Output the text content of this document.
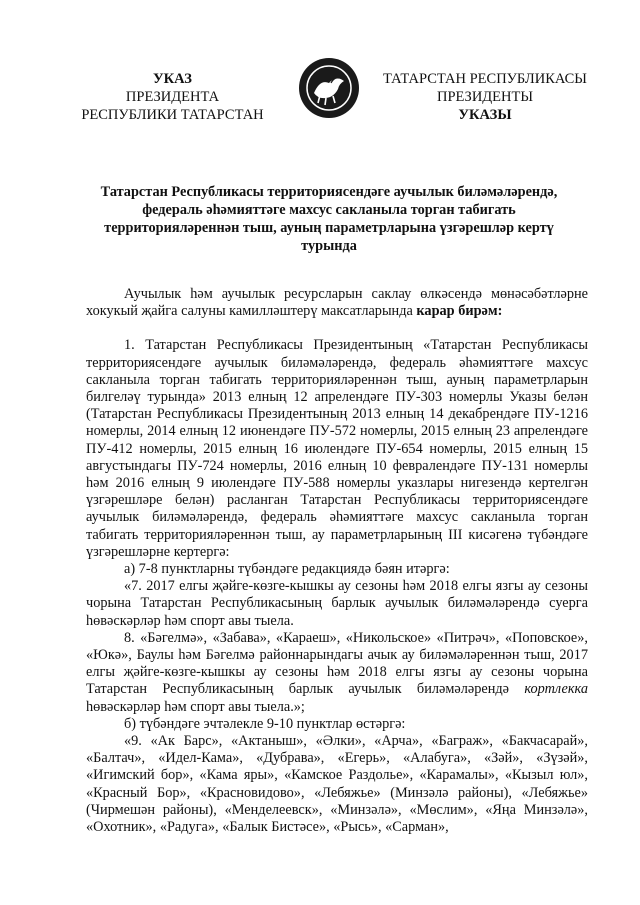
УКАЗ
ПРЕЗИДЕНТА
РЕСПУБЛИКИ ТАТАРСТАН
ТАТАРСТАН РЕСПУБЛИКАСЫ
ПРЕЗИДЕНТЫ
УКАЗЫ
Татарстан Республикасы территориясендәге аучылык биләмәләрендә,
федераль әһәмияттәге махсус сакланыла торган табигать
территорияләреннән тыш, ауның параметрларына үзгәрешләр кертү
турында

Аучылык һәм аучылык ресурсларын саклау өлкәсендә мөнәсәбәтләрне хокукый җайга салуны камилләштерү максатларында карар бирәм:

1. Татарстан Республикасы Президентының «Татарстан Республикасы территориясендәге аучылык биләмәләрендә, федераль әһәмияттәге махсус сакланыла торган табигать территорияләреннән тыш, ауның параметрларын билгеләү турында» 2013 елның 12 апрелендәге ПУ-303 номерлы Указы белән (Татарстан Республикасы Президентының 2013 елның 14 декабрендәге ПУ-1216 номерлы, 2014 елның 12 июнендәге ПУ-572 номерлы, 2015 елның 23 апрелендәге ПУ-412 номерлы, 2015 елның 16 июлендәге ПУ-654 номерлы, 2015 елның 15 августындагы ПУ-724 номерлы, 2016 елның 10 февралендәге ПУ-131 номерлы һәм 2016 елның 9 июлендәге ПУ-588 номерлы указлары нигезендә кертелгән үзгәрешләре белән) расланган Татарстан Республикасы территориясендәге аучылык биләмәләрендә, федераль әһәмияттәге махсус сакланыла торган табигать территорияләреннән тыш, ау параметрларының III кисәгенә түбәндәге үзгәрешләрне кертергә:

а) 7-8 пунктларны түбәндәге редакциядә бәян итәргә:

«7. 2017 елгы җәйге-көзге-кышкы ау сезоны һәм 2018 елгы язгы ау сезоны чорына Татарстан Республикасының барлык аучылык биләмәләрендә суерга һөвәскәрләр һәм спорт авы тыела.

8. «Бәгелмә», «Забава», «Караеш», «Никольское» «Питрәч», «Поповское», «Юкә», Баулы һәм Бәгелмә районнарындагы ачык ау биләмәләреннән тыш, 2017 елгы җәйге-көзге-кышкы ау сезоны һәм 2018 елгы язгы ау сезоны чорына Татарстан Республикасының барлык аучылык биләмәләрендә кортлекка һөвәскәрләр һәм спорт авы тыела.»;

б) түбәндәге эчтәлекле 9-10 пунктлар өстәргә:

«9. «Ак Барс», «Актаныш», «Әлки», «Арча», «Баграж», «Бакчасарай», «Балтач», «Идел-Кама», «Дубрава», «Егерь», «Алабуга», «Зәй», «Зүзәй», «Игимский бор», «Кама яры», «Камское Раздолье», «Карамалы», «Кызыл юл», «Красный Бор», «Красновидово», «Лебяжье» (Минзәлә районы), «Лебяжье» (Чирмешән районы), «Менделеевск», «Минзәлә», «Мөслим», «Яңа Минзәлә», «Охотник», «Радуга», «Балык Бистәсе», «Рысь», «Сарман»,
